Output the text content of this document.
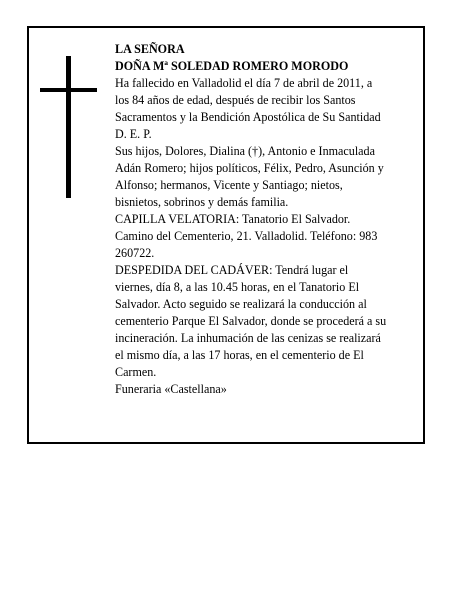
LA SEÑORA

DOÑA Mª SOLEDAD ROMERO MORODO

Ha fallecido en Valladolid el día 7 de abril de 2011, a

los 84 años de edad, después de recibir los Santos

Sacramentos y la Bendición Apostólica de Su Santidad

D. E. P.

Sus hijos, Dolores, Dialina (†), Antonio e Inmaculada

Adán Romero; hijos políticos, Félix, Pedro, Asunción y

Alfonso; hermanos, Vicente y Santiago; nietos,

bisnietos, sobrinos y demás familia.

CAPILLA VELATORIA: Tanatorio El Salvador.

Camino del Cementerio, 21. Valladolid. Teléfono: 983

260722.

DESPEDIDA DEL CADÁVER: Tendrá lugar el

viernes, día 8, a las 10.45 horas, en el Tanatorio El

Salvador. Acto seguido se realizará la conducción al

cementerio Parque El Salvador, donde se procederá a su

incineración. La inhumación de las cenizas se realizará

el mismo día, a las 17 horas, en el cementerio de El

Carmen.

Funeraria «Castellana»
